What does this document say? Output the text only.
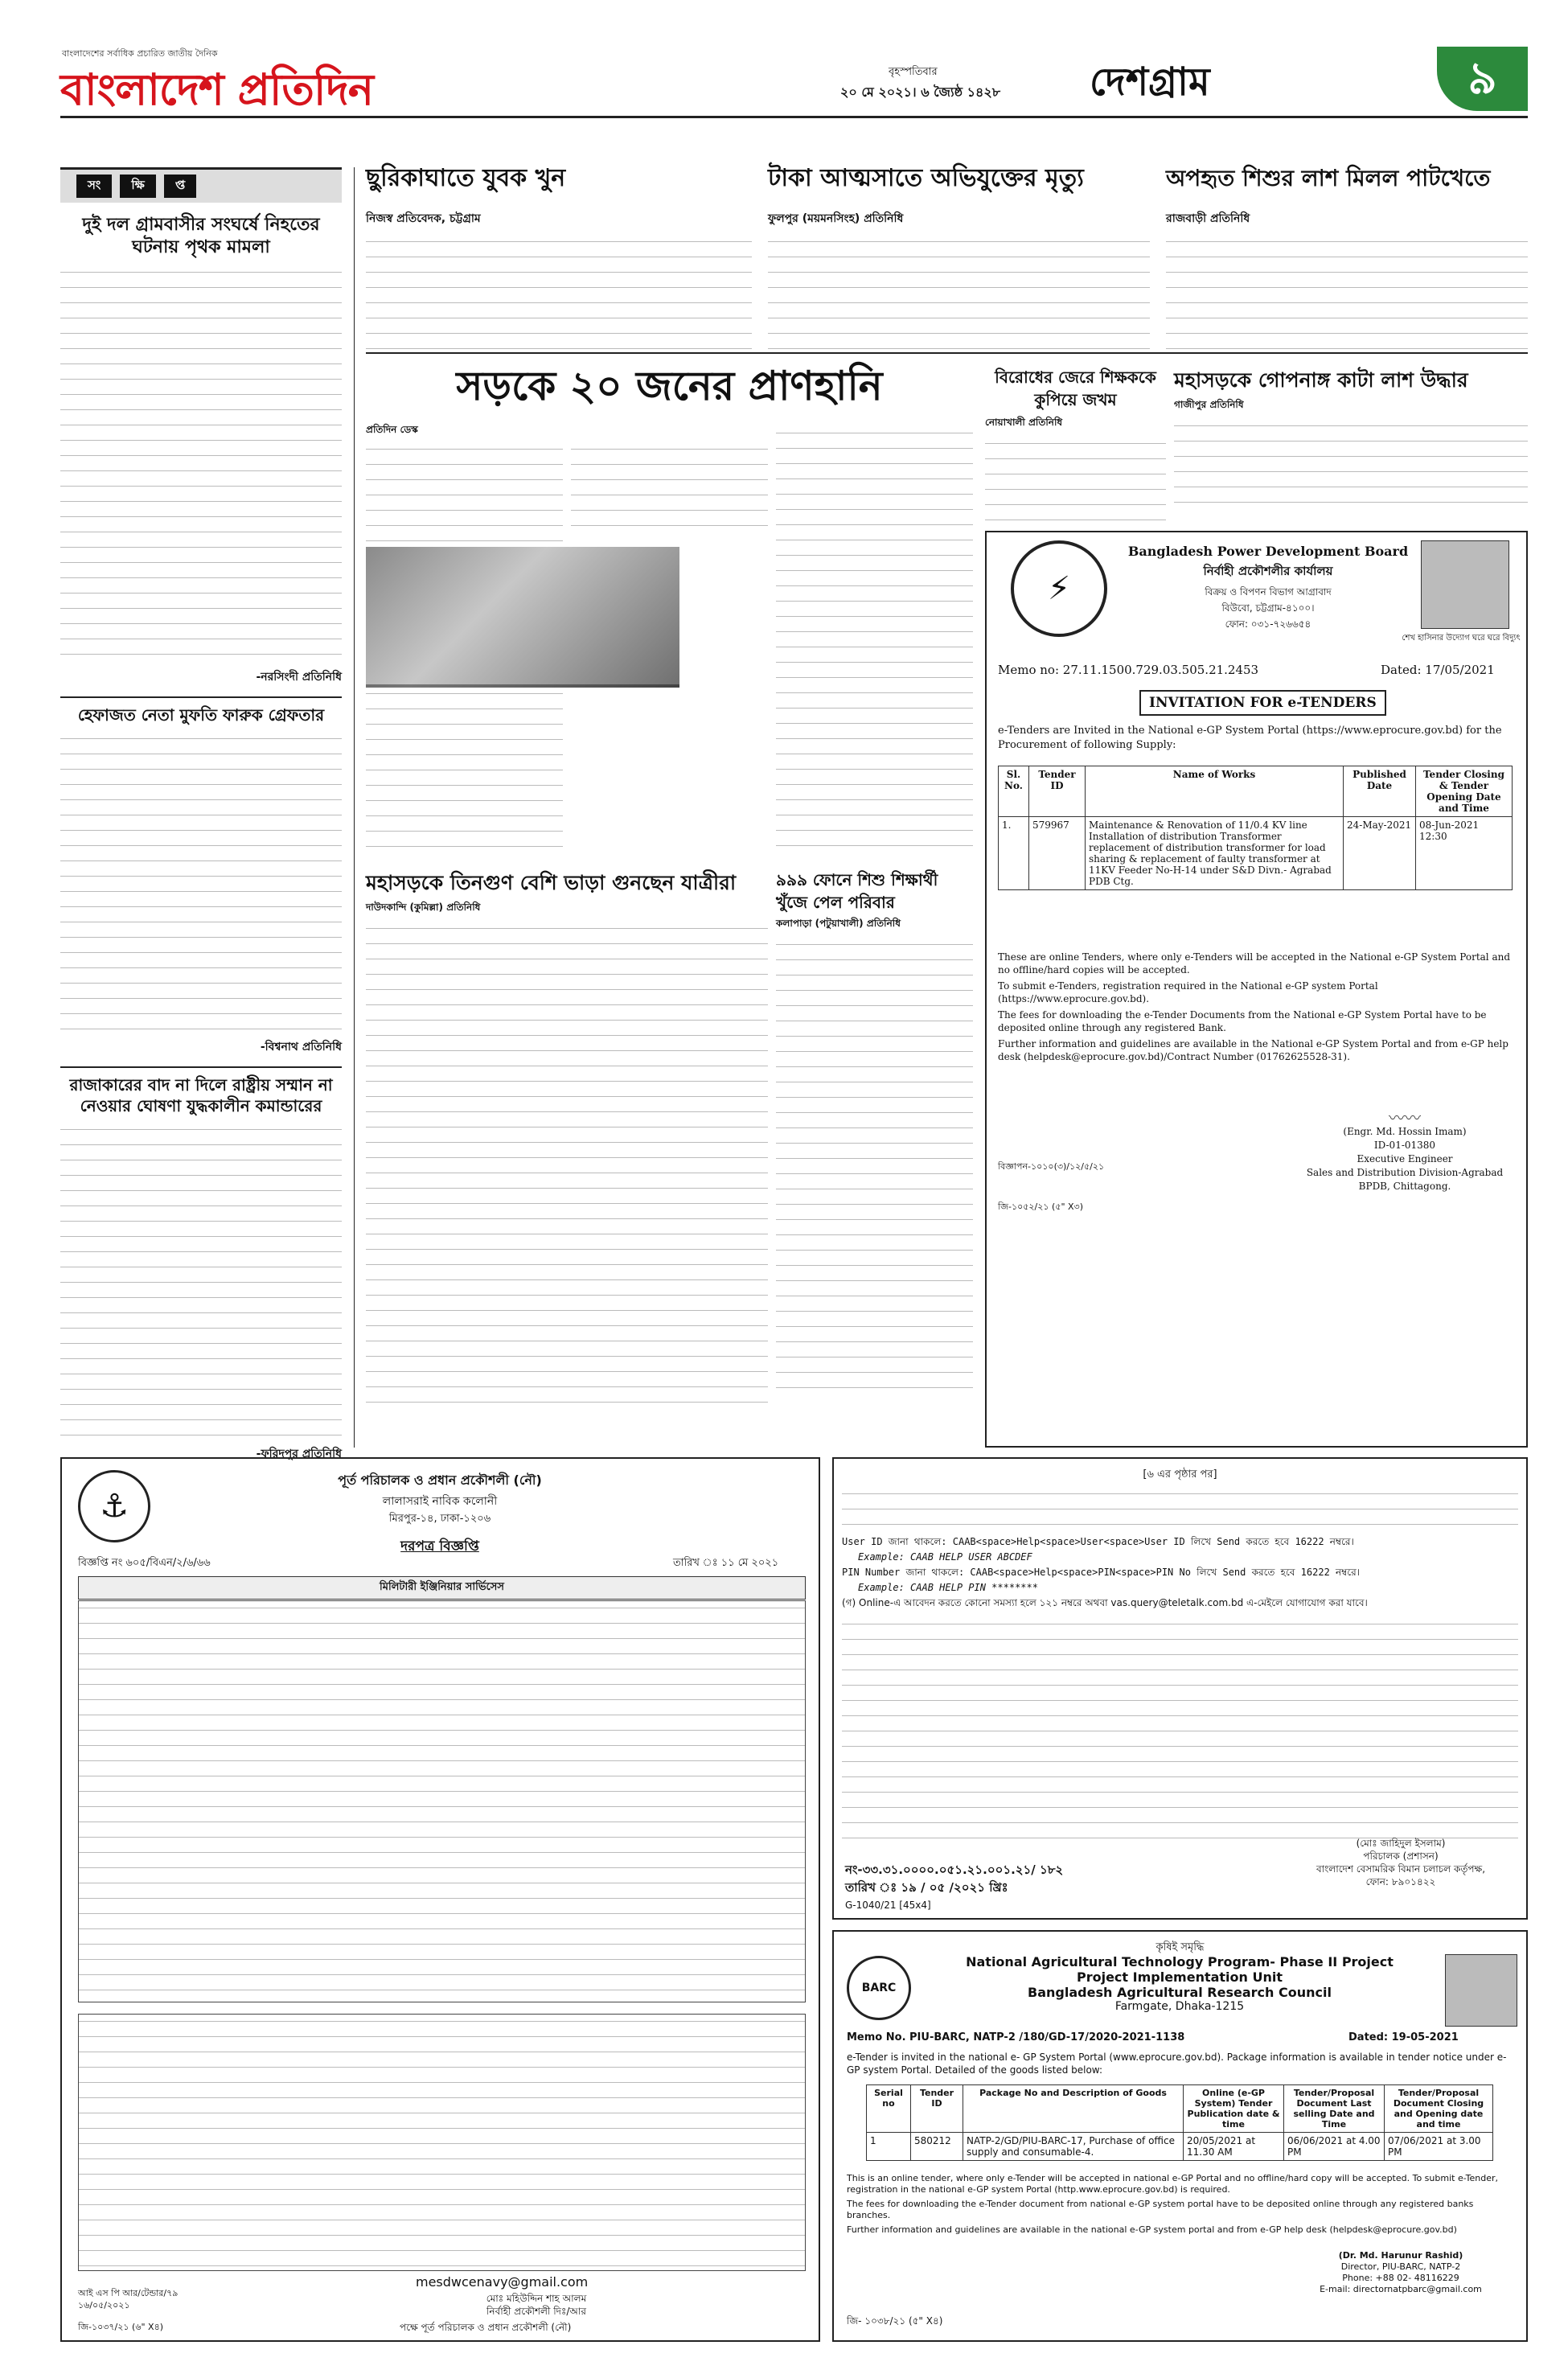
বাংলাদেশের সর্বাধিক প্রচারিত জাতীয় দৈনিক
বাংলাদেশ প্রতিদিন	বৃহস্পতিবার
২০ মে ২০২১। ৬ জ্যৈষ্ঠ ১৪২৮ দেশগ্রাম	৯
সং	ক্ষি	প্ত
দুই দল গ্রামবাসীর সংঘর্ষে নিহতের ঘটনায় পৃথক মামলা
-নরসিংদী প্রতিনিধি
হেফাজত নেতা মুফতি ফারুক গ্রেফতার
-বিশ্বনাথ প্রতিনিধি
রাজাকারের বাদ না দিলে রাষ্ট্রীয় সম্মান না নেওয়ার ঘোষণা যুদ্ধকালীন কমান্ডারের
-ফরিদপুর প্রতিনিধি
ছুরিকাঘাতে যুবক খুন
নিজস্ব প্রতিবেদক, চট্টগ্রাম
টাকা আত্মসাতে অভিযুক্তের মৃত্যু
ফুলপুর (ময়মনসিংহ) প্রতিনিধি
অপহৃত শিশুর লাশ মিলল পাটখেতে
রাজবাড়ী প্রতিনিধি
সড়কে ২০ জনের প্রাণহানি
প্রতিদিন ডেস্ক
বিরোধের জেরে শিক্ষককে কুপিয়ে জখম
নোয়াখালী প্রতিনিধি
মহাসড়কে গোপনাঙ্গ কাটা লাশ উদ্ধার
গাজীপুর প্রতিনিধি
⚡
শেখ হাসিনার উদ্যোগ ঘরে ঘরে বিদ্যুৎ
Bangladesh Power Development Board
নির্বাহী প্রকৌশলীর কার্যালয়
বিক্রয় ও বিপণন বিভাগ আগ্রাবাদ
বিউবো, চট্টগ্রাম-৪১০০।
ফোন: ০৩১-৭২৬৬৫৪
Memo no: 27.11.1500.729.03.505.21.2453	Dated: 17/05/2021
INVITATION FOR e-TENDERS
e-Tenders are Invited in the National e-GP System Portal (https://www.eprocure.gov.bd) for the Procurement of following Supply:
Sl. No.	Tender ID	Name of Works	Published Date	Tender Closing & Tender Opening Date and Time
1.	579967	Maintenance & Renovation of 11/0.4 KV line Installation of distribution Transformer replacement of distribution transformer for load sharing & replacement of faulty transformer at 11KV Feeder No-H-14 under S&D Divn.- Agrabad PDB Ctg.	24-May-2021	08-Jun-2021 12:30

These are online Tenders, where only e-Tenders will be accepted in the National e-GP System Portal and no offline/hard copies will be accepted.

To submit e-Tenders, registration required in the National e-GP system Portal (https://www.eprocure.gov.bd).

The fees for downloading the e-Tender Documents from the National e-GP System Portal have to be deposited online through any registered Bank.

Further information and guidelines are available in the National e-GP System Portal and from e-GP help desk (helpdesk@eprocure.gov.bd)/Contract Number (01762625528-31).

〰〰
(Engr. Md. Hossin Imam)
ID-01-01380
Executive Engineer
Sales and Distribution Division-Agrabad
BPDB, Chittagong.
বিজ্ঞাপন-১০১০(৩)/১২/৫/২১
জি-১০৫২/২১ (৫" X৩)
মহাসড়কে তিনগুণ বেশি ভাড়া গুনছেন যাত্রীরা
দাউদকান্দি (কুমিল্লা) প্রতিনিধি
৯৯৯ ফোনে শিশু শিক্ষার্থী খুঁজে পেল পরিবার
কলাপাড়া (পটুয়াখালী) প্রতিনিধি
⚓
পূর্ত পরিচালক ও প্রধান প্রকৌশলী (নৌ)
লালাসরাই নাবিক কলোনী
মিরপুর-১৪, ঢাকা-১২০৬
দরপত্র বিজ্ঞপ্তি
বিজ্ঞপ্তি নং ৬০৫/বিএন/২/৬/৬৬	তারিখ ঃ ১১ মে ২০২১
মিলিটারী ইঞ্জিনিয়ার সার্ভিসেস
mesdwcenavy@gmail.com
মোঃ মহিউদ্দিন শাহ আলম
নির্বাহী প্রকৌশলী দিঃ/আর
আই এস পি আর/টেন্ডার/৭৯
১৬/০৫/২০২১
জি-১০৩৭/২১ (৬" X৪)	পক্ষে পূর্ত পরিচালক ও প্রধান প্রকৌশলী (নৌ)
[৬ এর পৃষ্ঠার পর]
User ID জানা থাকলে: CAAB<space>Help<space>User<space>User ID লিখে Send করতে হবে 16222 নম্বরে।
Example: CAAB HELP USER ABCDEF
PIN Number জানা থাকলে: CAAB<space>Help<space>PIN<space>PIN No লিখে Send করতে হবে 16222 নম্বরে।
Example: CAAB HELP PIN ********
(গ) Online-এ আবেদন করতে কোনো সমস্যা হলে ১২১ নম্বরে অথবা vas.query@teletalk.com.bd এ-মেইলে যোগাযোগ করা যাবে।
(মোঃ জাহিদুল ইসলাম)
পরিচালক (প্রশাসন)
বাংলাদেশ বেসামরিক বিমান চলাচল কর্তৃপক্ষ,
ফোন: ৮৯০১৪২২
নং-৩৩.৩১.০০০০.০৫১.২১.০০১.২১/ ১৮২
তারিখ ঃ ১৯ / ০৫ /২০২১ খ্রিঃ
G-1040/21 [45x4]
কৃষিই সমৃদ্ধি
BARC
National Agricultural Technology Program- Phase II Project
Project Implementation Unit
Bangladesh Agricultural Research Council
Farmgate, Dhaka-1215
Memo No. PIU-BARC, NATP-2 /180/GD-17/2020-2021-1138	Dated: 19-05-2021
e-Tender is invited in the national e- GP System Portal (www.eprocure.gov.bd). Package information is available in tender notice under e-GP system Portal. Detailed of the goods listed below:
Serial no	Tender ID	Package No and Description of Goods	Online (e-GP System) Tender Publication date & time	Tender/Proposal Document Last selling Date and Time	Tender/Proposal Document Closing and Opening date and time
1	580212	NATP-2/GD/PIU-BARC-17, Purchase of office supply and consumable-4.	20/05/2021 at 11.30 AM	06/06/2021 at 4.00 PM	07/06/2021 at 3.00 PM

This is an online tender, where only e-Tender will be accepted in national e-GP Portal and no offline/hard copy will be accepted. To submit e-Tender, registration in the national e-GP system Portal (http.www.eprocure.gov.bd) is required.

The fees for downloading the e-Tender document from national e-GP system portal have to be deposited online through any registered banks branches.

Further information and guidelines are available in the national e-GP system portal and from e-GP help desk (helpdesk@eprocure.gov.bd)

(Dr. Md. Harunur Rashid)
Director, PIU-BARC, NATP-2
Phone: +88 02- 48116229
E-mail: directornatpbarc@gmail.com
জি- ১০৩৮/২১ (৫" X৪)
